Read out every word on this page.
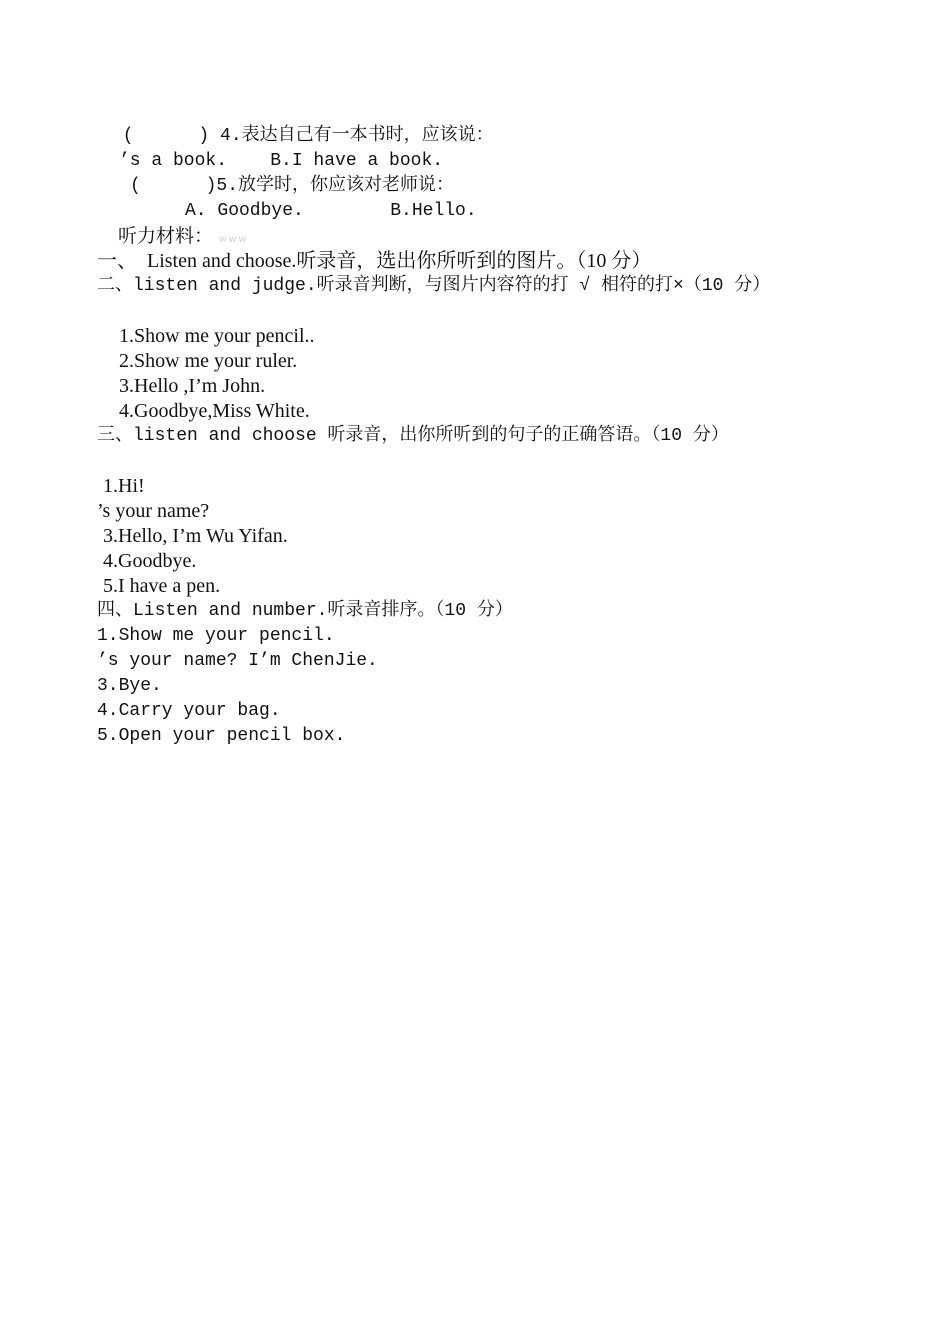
(      ) 4.表达自己有一本书时，应该说：
’s a book.    B.I have a book.
(      )5.放学时，你应该对老师说：
A. Goodbye.        B.Hello.
听力材料： w w w
一、  Listen and choose.听录音，选出你所听到的图片。（10 分）
二、listen and judge.听录音判断，与图片内容符的打 √ 相符的打×（10 分）
1.Show me your pencil..
2.Show me your ruler.
3.Hello ,I’m John.
4.Goodbye,Miss White.
三、listen and choose 听录音，出你所听到的句子的正确答语。（10 分）
1.Hi!
’s your name?
3.Hello, I’m Wu Yifan.
4.Goodbye.
5.I have a pen.
四、Listen and number.听录音排序。（10 分）
1.Show me your pencil.
’s your name? I’m ChenJie.
3.Bye.
4.Carry your bag.
5.Open your pencil box.
